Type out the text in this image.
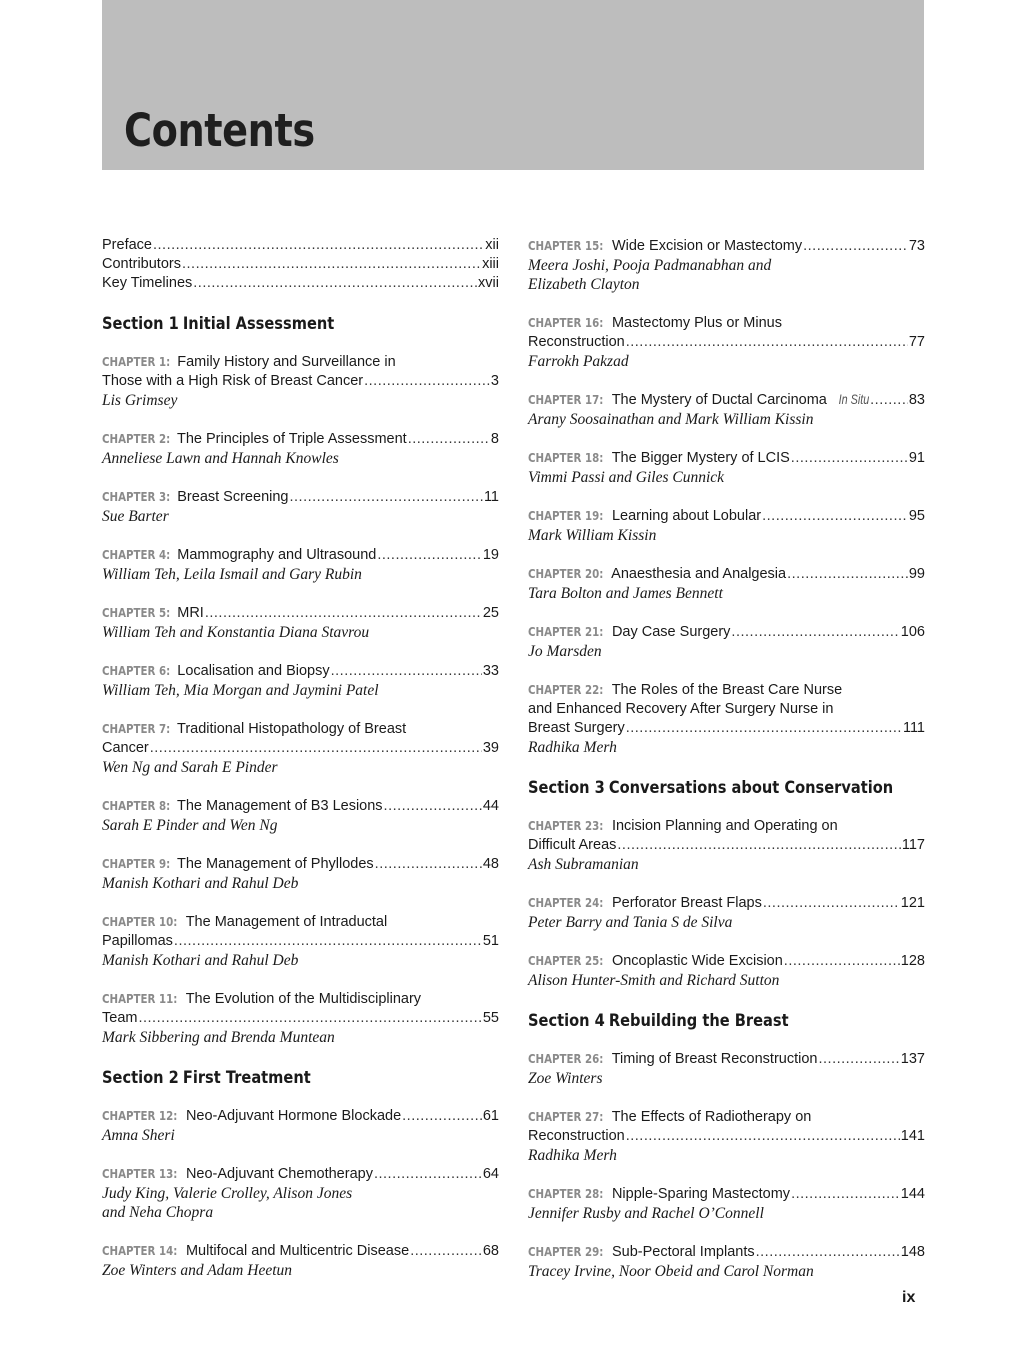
Contents
Preface .....	xii
Contributors .....	xiii
Key Timelines .....	xvii
Section 1 Initial Assessment
CHAPTER 1: Family History and Surveillance in
Those with a High Risk of Breast Cancer .....	3
Lis Grimsey
CHAPTER 2: The Principles of Triple Assessment .....	8
Anneliese Lawn and Hannah Knowles
CHAPTER 3: Breast Screening .....	11
Sue Barter
CHAPTER 4: Mammography and Ultrasound .....	19
William Teh, Leila Ismail and Gary Rubin
CHAPTER 5: MRI .....	25
William Teh and Konstantia Diana Stavrou
CHAPTER 6: Localisation and Biopsy .....	33
William Teh, Mia Morgan and Jaymini Patel
CHAPTER 7: Traditional Histopathology of Breast
Cancer .....	39
Wen Ng and Sarah E Pinder
CHAPTER 8: The Management of B3 Lesions .....	44
Sarah E Pinder and Wen Ng
CHAPTER 9: The Management of Phyllodes .....	48
Manish Kothari and Rahul Deb
CHAPTER 10: The Management of Intraductal
Papillomas .....	51
Manish Kothari and Rahul Deb
CHAPTER 11: The Evolution of the Multidisciplinary
Team .....	55
Mark Sibbering and Brenda Muntean
Section 2 First Treatment
CHAPTER 12: Neo-Adjuvant Hormone Blockade .....	61
Amna Sheri
CHAPTER 13: Neo-Adjuvant Chemotherapy .....	64
Judy King, Valerie Crolley, Alison Jones
and Neha Chopra
CHAPTER 14: Multifocal and Multicentric Disease .....	68
Zoe Winters and Adam Heetun
CHAPTER 15: Wide Excision or Mastectomy .....	73
Meera Joshi, Pooja Padmanabhan and
Elizabeth Clayton
CHAPTER 16: Mastectomy Plus or Minus
Reconstruction .....	77
Farrokh Pakzad
CHAPTER 17: The Mystery of Ductal Carcinoma In Situ .....	83
Arany Soosainathan and Mark William Kissin
CHAPTER 18: The Bigger Mystery of LCIS .....	91
Vimmi Passi and Giles Cunnick
CHAPTER 19: Learning about Lobular .....	95
Mark William Kissin
CHAPTER 20: Anaesthesia and Analgesia .....	99
Tara Bolton and James Bennett
CHAPTER 21: Day Case Surgery .....	106
Jo Marsden
CHAPTER 22: The Roles of the Breast Care Nurse
and Enhanced Recovery After Surgery Nurse in
Breast Surgery .....	111
Radhika Merh
Section 3 Conversations about Conservation
CHAPTER 23: Incision Planning and Operating on
Difficult Areas .....	117
Ash Subramanian
CHAPTER 24: Perforator Breast Flaps .....	121
Peter Barry and Tania S de Silva
CHAPTER 25: Oncoplastic Wide Excision .....	128
Alison Hunter-Smith and Richard Sutton
Section 4 Rebuilding the Breast
CHAPTER 26: Timing of Breast Reconstruction .....	137
Zoe Winters
CHAPTER 27: The Effects of Radiotherapy on
Reconstruction .....	141
Radhika Merh
CHAPTER 28: Nipple-Sparing Mastectomy .....	144
Jennifer Rusby and Rachel O’Connell
CHAPTER 29: Sub-Pectoral Implants .....	148
Tracey Irvine, Noor Obeid and Carol Norman
ix
